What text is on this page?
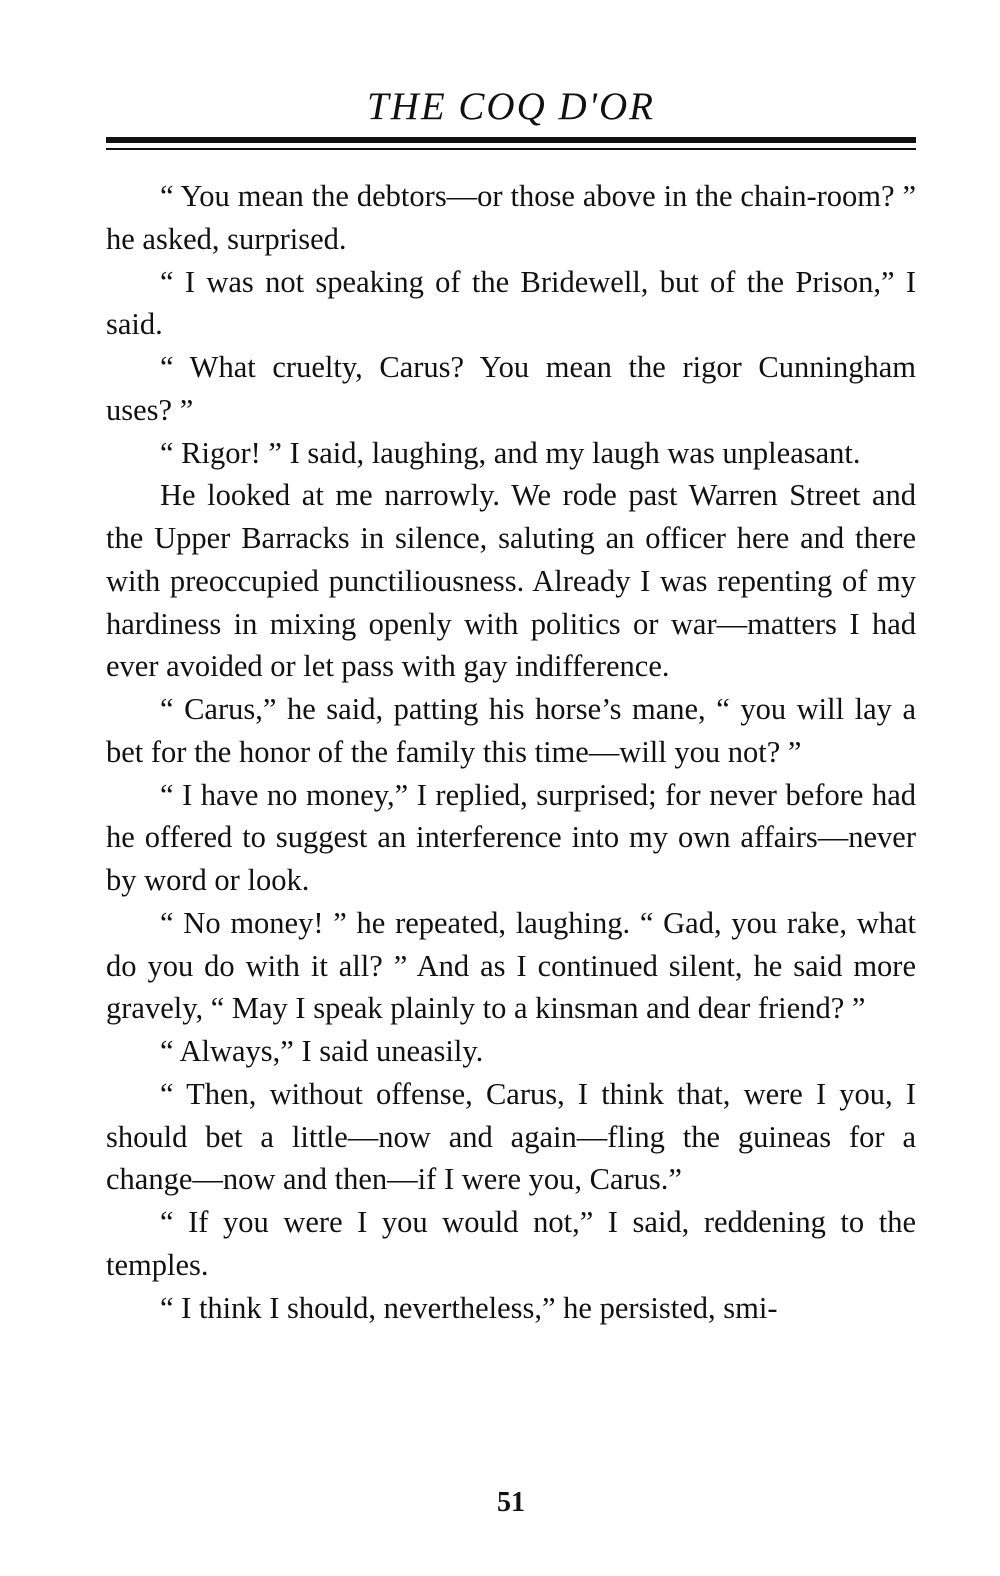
THE COQ D'OR

“ You mean the debtors—or those above in the chain-room? ” he asked, surprised.

“ I was not speaking of the Bridewell, but of the Prison,” I said.

“ What cruelty, Carus? You mean the rigor Cunningham uses? ”

“ Rigor! ” I said, laughing, and my laugh was unpleasant.

He looked at me narrowly. We rode past Warren Street and the Upper Barracks in silence, saluting an officer here and there with preoccupied punctiliousness. Already I was repenting of my hardiness in mixing openly with politics or war—matters I had ever avoided or let pass with gay indifference.

“ Carus,” he said, patting his horse’s mane, “ you will lay a bet for the honor of the family this time—will you not? ”

“ I have no money,” I replied, surprised; for never before had he offered to suggest an interference into my own affairs—never by word or look.

“ No money! ” he repeated, laughing. “ Gad, you rake, what do you do with it all? ” And as I continued silent, he said more gravely, “ May I speak plainly to a kinsman and dear friend? ”

“ Always,” I said uneasily.

“ Then, without offense, Carus, I think that, were I you, I should bet a little—now and again—fling the guineas for a change—now and then—if I were you, Carus.”

“ If you were I you would not,” I said, reddening to the temples.

“ I think I should, nevertheless,” he persisted, smi-

51
